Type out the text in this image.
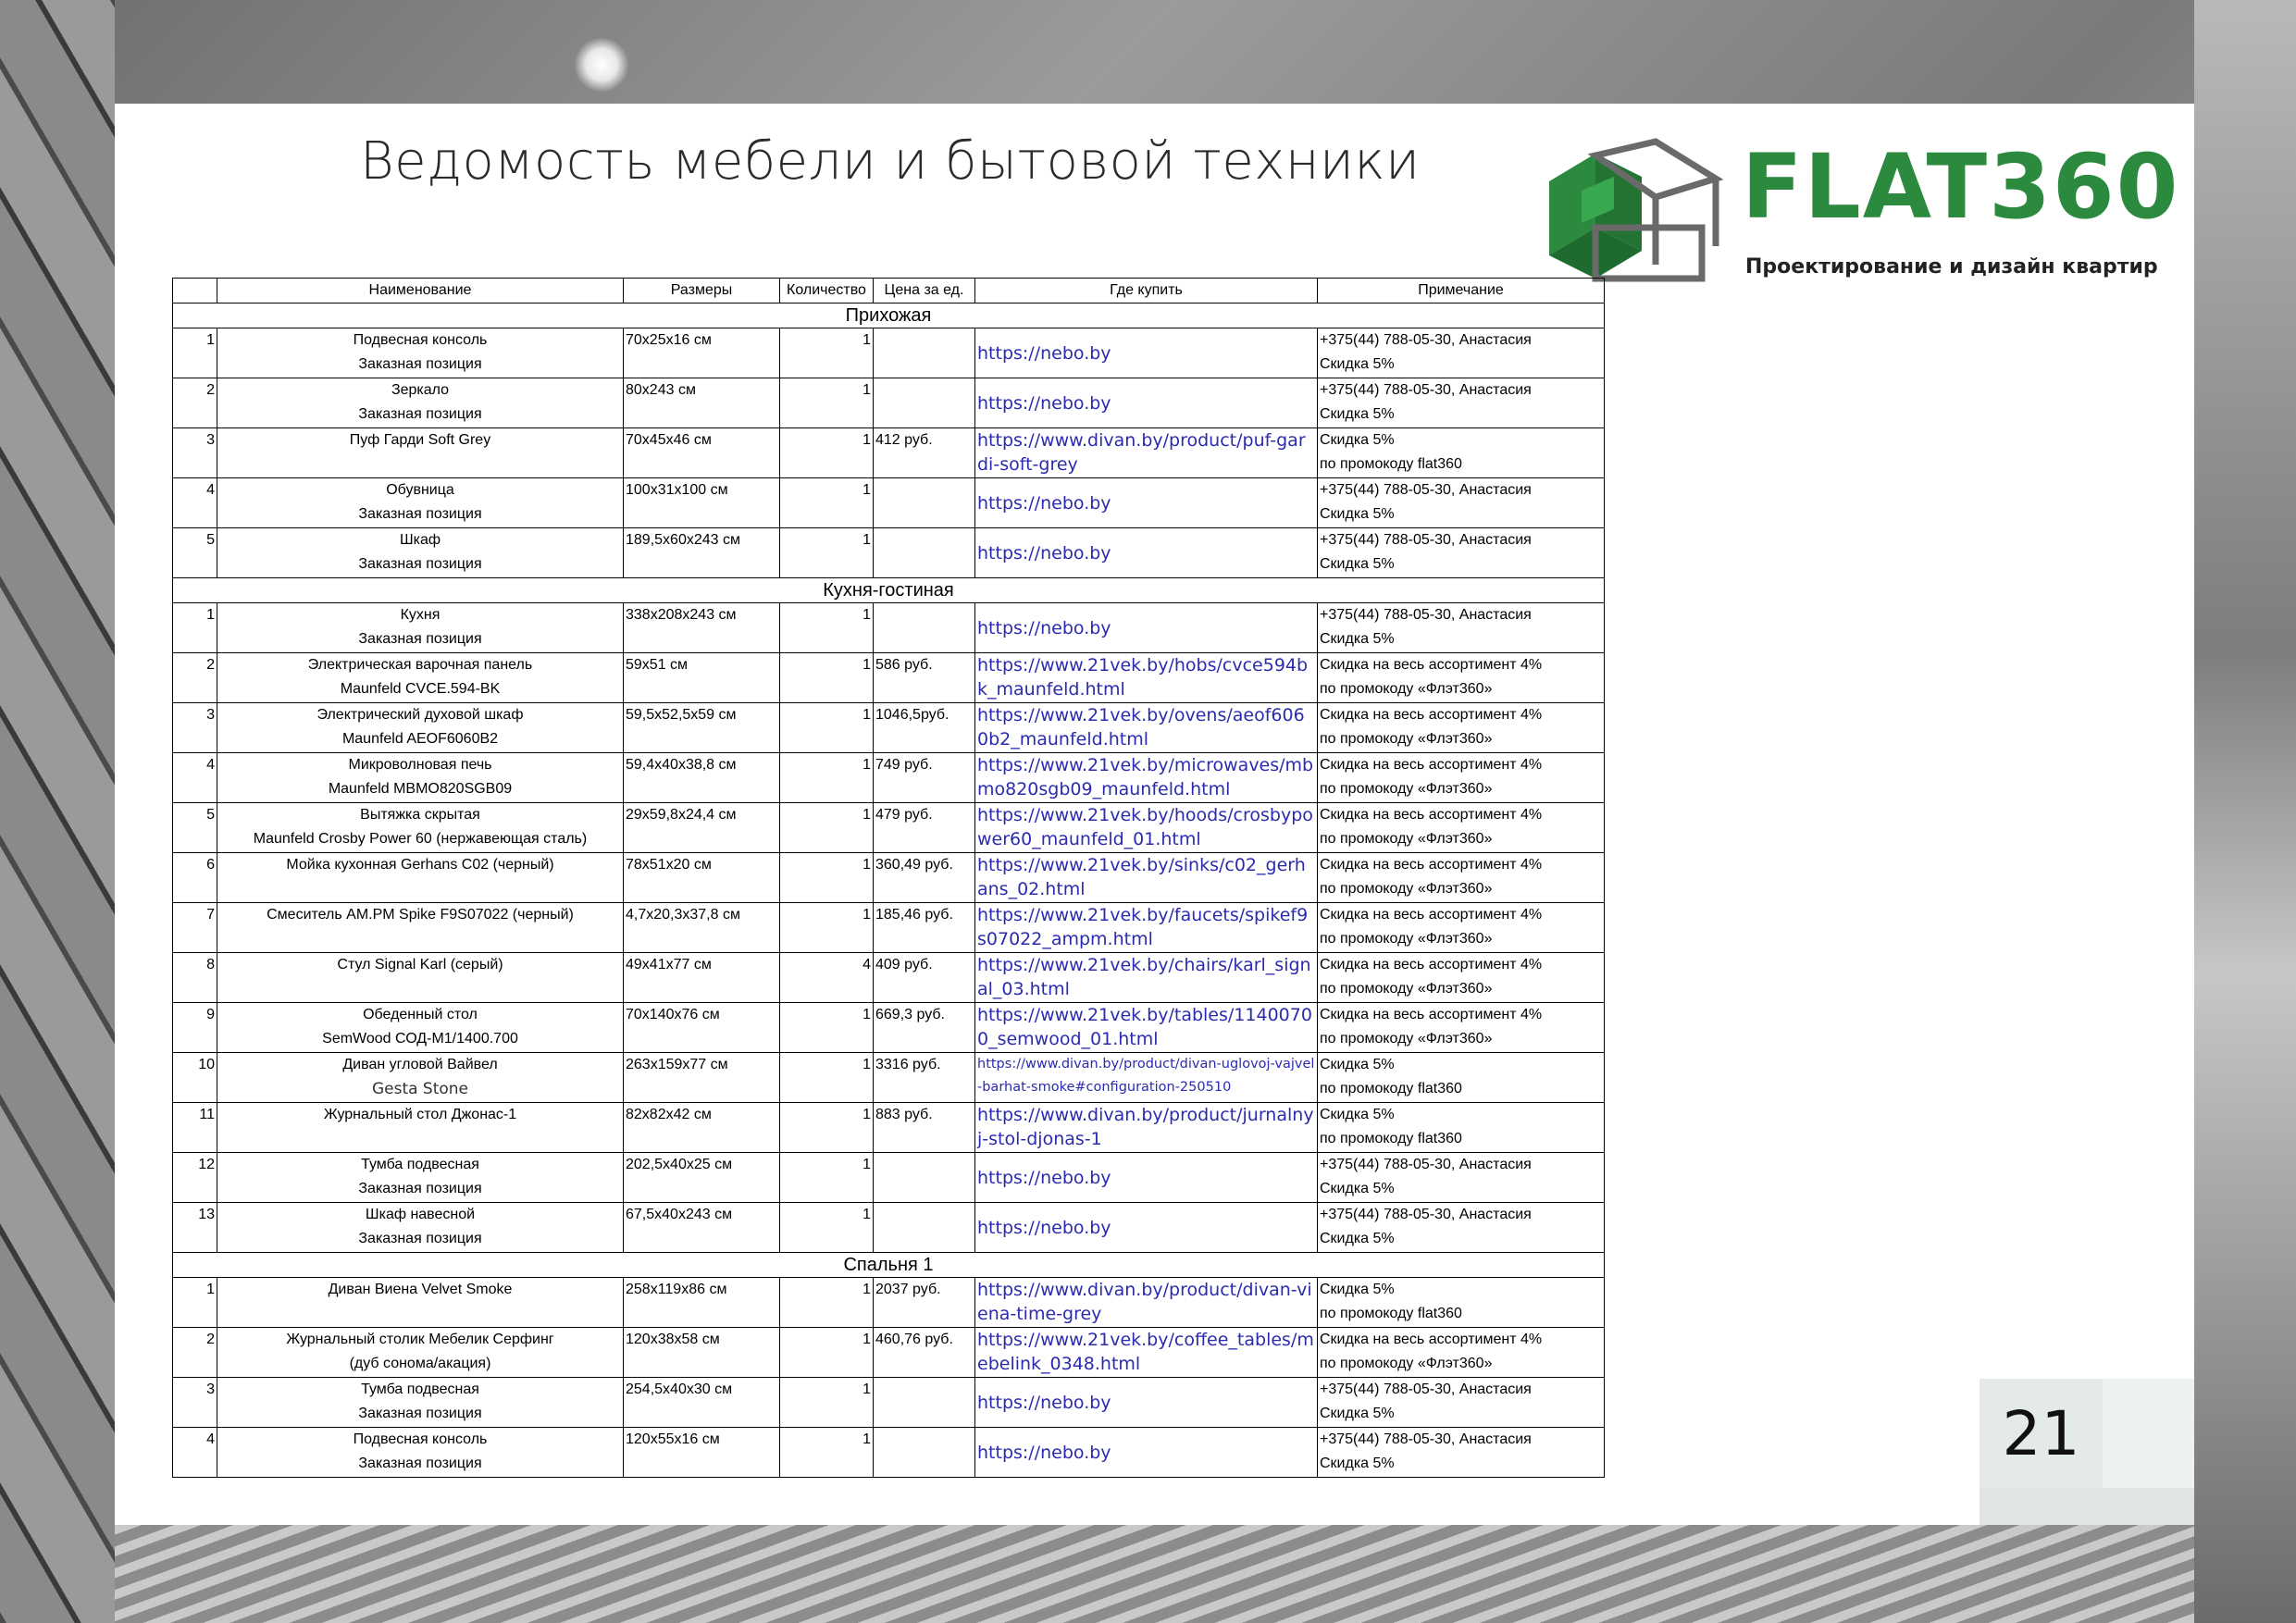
Ведомость мебели и бытовой техники	FLAT360
Проектирование и дизайн квартир
	Наименование	Размеры	Количество	Цена за ед.	Где купить	Примечание
Прихожая						
1	Подвесная консоль
Заказная позиция	70х25х16 см	1		https://nebo.by	+375(44) 788-05-30, Анастасия
Скидка 5%

2	Зеркало
Заказная позиция	80х243 см	1		https://nebo.by	+375(44) 788-05-30, Анастасия
Скидка 5%

3	Пуф Гарди Soft Grey	70х45х46 см	1	412 руб.	https://www.divan.by/product/puf-gardi-soft-grey	Скидка 5%
по промокоду flat360

4	Обувница
Заказная позиция	100х31х100 см	1		https://nebo.by	+375(44) 788-05-30, Анастасия
Скидка 5%

5	Шкаф
Заказная позиция	189,5х60х243 см	1		https://nebo.by	+375(44) 788-05-30, Анастасия
Скидка 5%

Кухня-гостиная						
1	Кухня
Заказная позиция	338х208х243 см	1		https://nebo.by	+375(44) 788-05-30, Анастасия
Скидка 5%

2	Электрическая варочная панель
Maunfeld CVCE.594-BK	59х51 см	1	586 руб.	https://www.21vek.by/hobs/cvce594bk_maunfeld.html	Скидка на весь ассортимент 4%
по промокоду «Флэт360»

3	Электрический духовой шкаф
Maunfeld AEOF6060B2	59,5х52,5х59 см	1	1046,5руб.	https://www.21vek.by/ovens/aeof6060b2_maunfeld.html	Скидка на весь ассортимент 4%
по промокоду «Флэт360»

4	Микроволновая печь
Maunfeld MBMO820SGB09	59,4х40х38,8 см	1	749 руб.	https://www.21vek.by/microwaves/mbmo820sgb09_maunfeld.html	Скидка на весь ассортимент 4%
по промокоду «Флэт360»

5	Вытяжка скрытая
Maunfeld Crosby Power 60 (нержавеющая сталь)	29х59,8х24,4 см	1	479 руб.	https://www.21vek.by/hoods/crosbypower60_maunfeld_01.html	Скидка на весь ассортимент 4%
по промокоду «Флэт360»

6	Мойка кухонная Gerhans C02 (черный)	78х51х20 см	1	360,49 руб.	https://www.21vek.by/sinks/c02_gerhans_02.html	Скидка на весь ассортимент 4%
по промокоду «Флэт360»

7	Смеситель AM.PM Spike F9S07022 (черный)	4,7х20,3х37,8 см	1	185,46 руб.	https://www.21vek.by/faucets/spikef9s07022_ampm.html	Скидка на весь ассортимент 4%
по промокоду «Флэт360»

8	Стул Signal Karl (серый)	49х41х77 см	4	409 руб.	https://www.21vek.by/chairs/karl_signal_03.html	Скидка на весь ассортимент 4%
по промокоду «Флэт360»

9	Обеденный стол
SemWood СОД-М1/1400.700	70х140х76 см	1	669,3 руб.	https://www.21vek.by/tables/11400700_semwood_01.html	Скидка на весь ассортимент 4%
по промокоду «Флэт360»

10	Диван угловой Вайвел
Gesta Stone	263х159х77 см	1	3316 руб.	https://www.divan.by/product/divan-uglovoj-vajvel-barhat-smoke#configuration-250510	Скидка 5%
по промокоду flat360

11	Журнальный стол Джонас-1	82х82х42 см	1	883 руб.	https://www.divan.by/product/jurnalnyj-stol-djonas-1	Скидка 5%
по промокоду flat360

12	Тумба подвесная
Заказная позиция	202,5х40х25 см	1		https://nebo.by	+375(44) 788-05-30, Анастасия
Скидка 5%

13	Шкаф навесной
Заказная позиция	67,5х40х243 см	1		https://nebo.by	+375(44) 788-05-30, Анастасия
Скидка 5%

Спальня 1						
1	Диван Виена Velvet Smoke	258х119х86 см	1	2037 руб.	https://www.divan.by/product/divan-viena-time-grey	Скидка 5%
по промокоду flat360

2	Журнальный столик Мебелик Серфинг
(дуб сонома/акация)	120х38х58 см	1	460,76 руб.	https://www.21vek.by/coffee_tables/mebelink_0348.html	Скидка на весь ассортимент 4%
по промокоду «Флэт360»

3	Тумба подвесная
Заказная позиция	254,5х40х30 см	1		https://nebo.by	+375(44) 788-05-30, Анастасия
Скидка 5%

4	Подвесная консоль
Заказная позиция	120х55х16 см	1		https://nebo.by	+375(44) 788-05-30, Анастасия
Скидка 5%	21
